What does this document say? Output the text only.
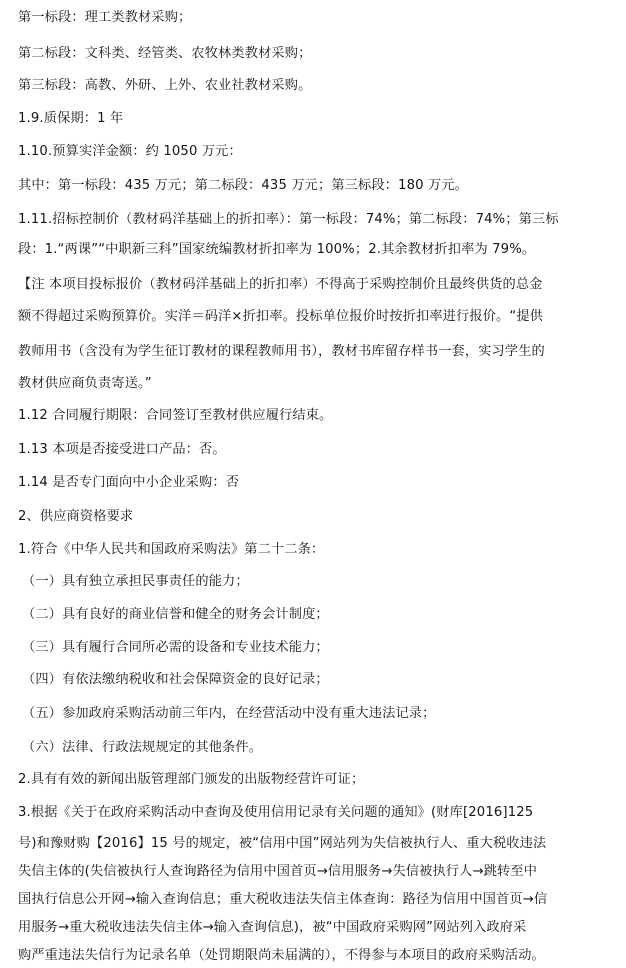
第一标段：理工类教材采购；
第二标段：文科类、经管类、农牧林类教材采购；
第三标段：高教、外研、上外、农业社教材采购。
1.9.质保期：1 年
1.10.预算实洋金额：约 1050 万元：
其中：第一标段：435 万元；第二标段：435 万元；第三标段：180 万元。
1.11.招标控制价（教材码洋基础上的折扣率）：第一标段：74%；第二标段：74%；第三标
段：1.“两课”“中职新三科”国家统编教材折扣率为 100%；2.其余教材折扣率为 79%。
【注 本项目投标报价（教材码洋基础上的折扣率）不得高于采购控制价且最终供货的总金
额不得超过采购预算价。实洋＝码洋×折扣率。投标单位报价时按折扣率进行报价。“提供
教师用书（含没有为学生征订教材的课程教师用书），教材书库留存样书一套，实习学生的
教材供应商负责寄送。”
1.12 合同履行期限：合同签订至教材供应履行结束。
1.13 本项是否接受进口产品：否。
1.14 是否专门面向中小企业采购：否
2、供应商资格要求
1.符合《中华人民共和国政府采购法》第二十二条：
（一）具有独立承担民事责任的能力；
（二）具有良好的商业信誉和健全的财务会计制度；
（三）具有履行合同所必需的设备和专业技术能力；
（四）有依法缴纳税收和社会保障资金的良好记录；
（五）参加政府采购活动前三年内，在经营活动中没有重大违法记录；
（六）法律、行政法规规定的其他条件。
2.具有有效的新闻出版管理部门颁发的出版物经营许可证；
3.根据《关于在政府采购活动中查询及使用信用记录有关问题的通知》(财库[2016]125
号)和豫财购【2016】15 号的规定，被“信用中国”网站列为失信被执行人、重大税收违法
失信主体的(失信被执行人查询路径为信用中国首页→信用服务→失信被执行人→跳转至中
国执行信息公开网→输入查询信息；重大税收违法失信主体查询：路径为信用中国首页→信
用服务→重大税收违法失信主体→输入查询信息)，被“中国政府采购网”网站列入政府采
购严重违法失信行为记录名单（处罚期限尚未届满的），不得参与本项目的政府采购活动。
